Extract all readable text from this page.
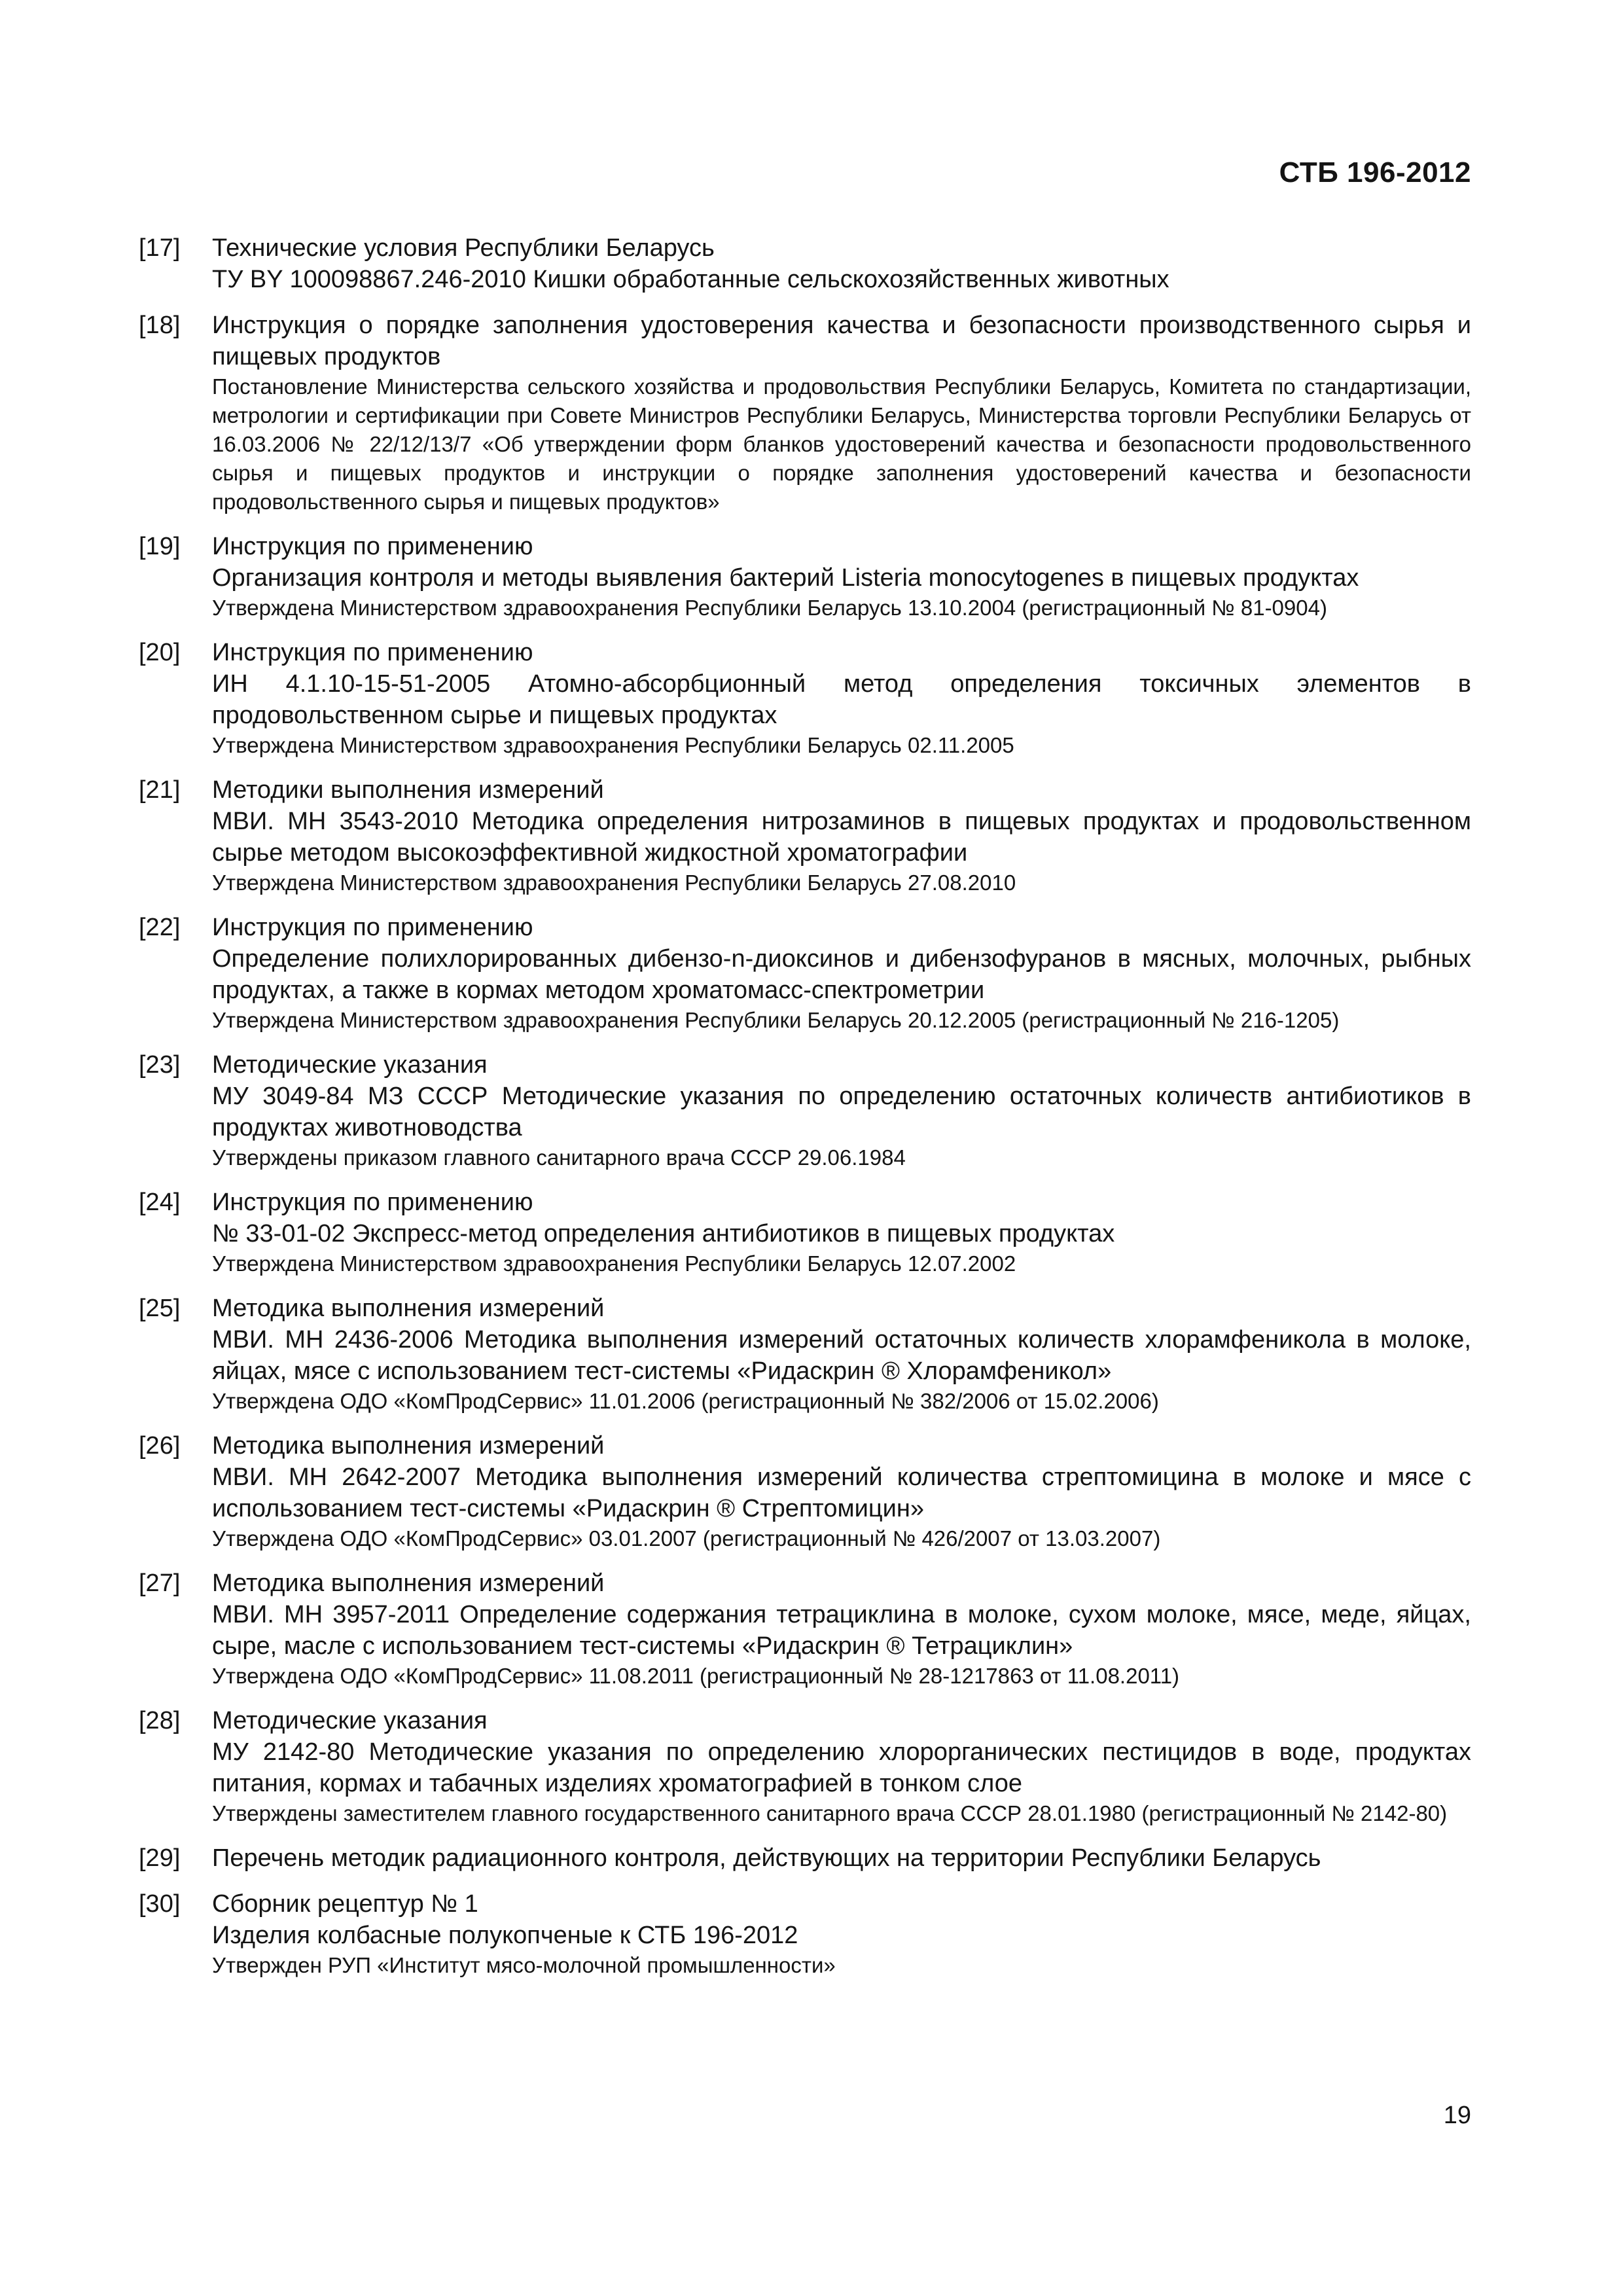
СТБ 196-2012
[17]	Технические условия Республики Беларусь
ТУ BY 100098867.246-2010 Кишки обработанные сельскохозяйственных животных
[18]	Инструкция о порядке заполнения удостоверения качества и безопасности производственного сырья и пищевых продуктов
Постановление Министерства сельского хозяйства и продовольствия Республики Беларусь, Комитета по стандартизации, метрологии и сертификации при Совете Министров Республики Беларусь, Министерства торговли Республики Беларусь от 16.03.2006 № 22/12/13/7 «Об утверждении форм бланков удостоверений качества и безопасности продовольственного сырья и пищевых продуктов и инструкции о порядке заполнения удостоверений качества и безопасности продовольственного сырья и пищевых продуктов»
[19]	Инструкция по применению
Организация контроля и методы выявления бактерий Listeria monocytogenes в пищевых продуктах
Утверждена Министерством здравоохранения Республики Беларусь 13.10.2004 (регистрационный № 81-0904)
[20]	Инструкция по применению
ИН 4.1.10-15-51-2005 Атомно-абсорбционный метод определения токсичных элементов в продовольственном сырье и пищевых продуктах
Утверждена Министерством здравоохранения Республики Беларусь 02.11.2005
[21]	Методики выполнения измерений
МВИ. МН 3543-2010 Методика определения нитрозаминов в пищевых продуктах и продовольственном сырье методом высокоэффективной жидкостной хроматографии
Утверждена Министерством здравоохранения Республики Беларусь 27.08.2010
[22]	Инструкция по применению
Определение полихлорированных дибензо-n-диоксинов и дибензофуранов в мясных, молочных, рыбных продуктах, а также в кормах методом хроматомасс-спектрометрии
Утверждена Министерством здравоохранения Республики Беларусь 20.12.2005 (регистрационный № 216-1205)
[23]	Методические указания
МУ 3049-84 МЗ СССР Методические указания по определению остаточных количеств антибиотиков в продуктах животноводства
Утверждены приказом главного санитарного врача СССР 29.06.1984
[24]	Инструкция по применению
№ 33-01-02 Экспресс-метод определения антибиотиков в пищевых продуктах
Утверждена Министерством здравоохранения Республики Беларусь 12.07.2002
[25]	Методика выполнения измерений
МВИ. МН 2436-2006 Методика выполнения измерений остаточных количеств хлорамфеникола в молоке, яйцах, мясе с использованием тест-системы «Ридаскрин ® Хлорамфеникол»
Утверждена ОДО «КомПродСервис» 11.01.2006 (регистрационный № 382/2006 от 15.02.2006)
[26]	Методика выполнения измерений
МВИ. МН 2642-2007 Методика выполнения измерений количества стрептомицина в молоке и мясе с использованием тест-системы «Ридаскрин ® Стрептомицин»
Утверждена ОДО «КомПродСервис» 03.01.2007 (регистрационный № 426/2007 от 13.03.2007)
[27]	Методика выполнения измерений
МВИ. МН 3957-2011 Определение содержания тетрациклина в молоке, сухом молоке, мясе, меде, яйцах, сыре, масле с использованием тест-системы «Ридаскрин ® Тетрациклин»
Утверждена ОДО «КомПродСервис» 11.08.2011 (регистрационный № 28-1217863 от 11.08.2011)
[28]	Методические указания
МУ 2142-80 Методические указания по определению хлорорганических пестицидов в воде, продуктах питания, кормах и табачных изделиях хроматографией в тонком слое
Утверждены заместителем главного государственного санитарного врача СССР 28.01.1980 (регистрационный № 2142-80)
[29]	Перечень методик радиационного контроля, действующих на территории Республики Беларусь
[30]	Сборник рецептур № 1
Изделия колбасные полукопченые к СТБ 196-2012
Утвержден РУП «Институт мясо-молочной промышленности»
19
